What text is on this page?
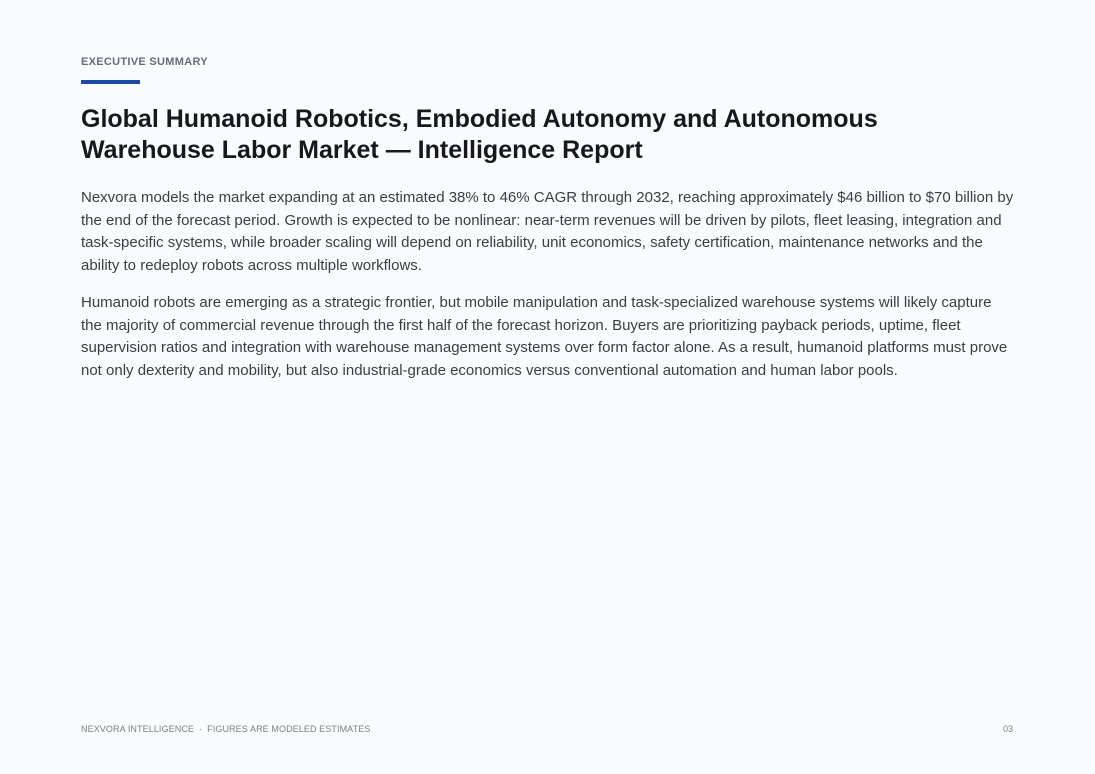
EXECUTIVE SUMMARY
Global Humanoid Robotics, Embodied Autonomy and Autonomous Warehouse Labor Market — Intelligence Report

Nexvora models the market expanding at an estimated 38% to 46% CAGR through 2032, reaching approximately $46 billion to $70 billion by the end of the forecast period. Growth is expected to be nonlinear: near-term revenues will be driven by pilots, fleet leasing, integration and task-specific systems, while broader scaling will depend on reliability, unit economics, safety certification, maintenance networks and the ability to redeploy robots across multiple workflows.

Humanoid robots are emerging as a strategic frontier, but mobile manipulation and task-specialized warehouse systems will likely capture the majority of commercial revenue through the first half of the forecast horizon. Buyers are prioritizing payback periods, uptime, fleet supervision ratios and integration with warehouse management systems over form factor alone. As a result, humanoid platforms must prove not only dexterity and mobility, but also industrial-grade economics versus conventional automation and human labor pools.

NEXVORA INTELLIGENCE · FIGURES ARE MODELED ESTIMATES	03
